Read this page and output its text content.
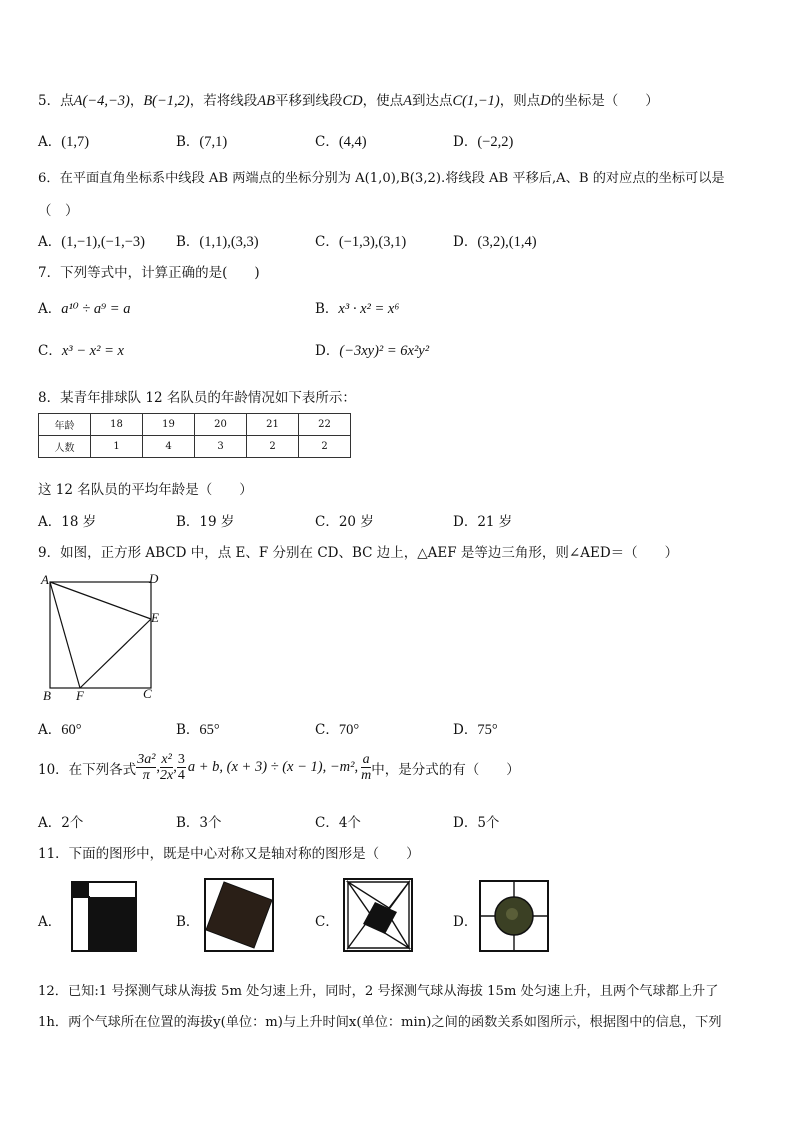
5．点A(−4,−3)，B(−1,2)，若将线段AB平移到线段CD，使点A到达点C(1,−1)，则点D的坐标是（　　）
A．(1,7)	B．(7,1)	C．(4,4)	D．(−2,2)
6．在平面直角坐标系中线段 AB 两端点的坐标分别为 A(1,0),B(3,2).将线段 AB 平移后,A、B 的对应点的坐标可以是
（　）
A．(1,−1),(−1,−3) B．(1,1),(3,3)	C．(−1,3),(3,1)	D．(3,2),(1,4)
7．下列等式中，计算正确的是(　　)
A．a¹⁰ ÷ a⁹ = a	B．x³ · x² = x⁶
C．x³ − x² = x	D．(−3xy)² = 6x²y²
8．某青年排球队 12 名队员的年龄情况如下表所示：
年龄	18	19	20	21	22
人数	1	4	3	2	2
这 12 名队员的平均年龄是（　　）
A．18 岁	B．19 岁	C．20 岁	D．21 岁
9．如图，正方形 ABCD 中，点 E、F 分别在 CD、BC 边上，△AEF 是等边三角形，则∠AED＝（　　）
A	D
E
B F	C
A．60°	B．65°	C．70°	D．75°
10．在下列各式 $\frac{\text{3a²}}{\pi}$ , $\frac{\text{x²}}{2x}$ , $\frac{3}{4}$ a + b, (x + 3) ÷ (x − 1), −m², $\frac{a}{m}$ 中，是分式的有（　　）
A．2个	B．3个	C．4个	D．5个
11．下面的图形中，既是中心对称又是轴对称的图形是（　　）
A．	B．	C．	D．
12．已知:1 号探测气球从海拔 5m 处匀速上升，同时，2 号探测气球从海拔 15m 处匀速上升，且两个气球都上升了
1h．两个气球所在位置的海拔y(单位：m)与上升时间x(单位：min)之间的函数关系如图所示，根据图中的信息，下列
